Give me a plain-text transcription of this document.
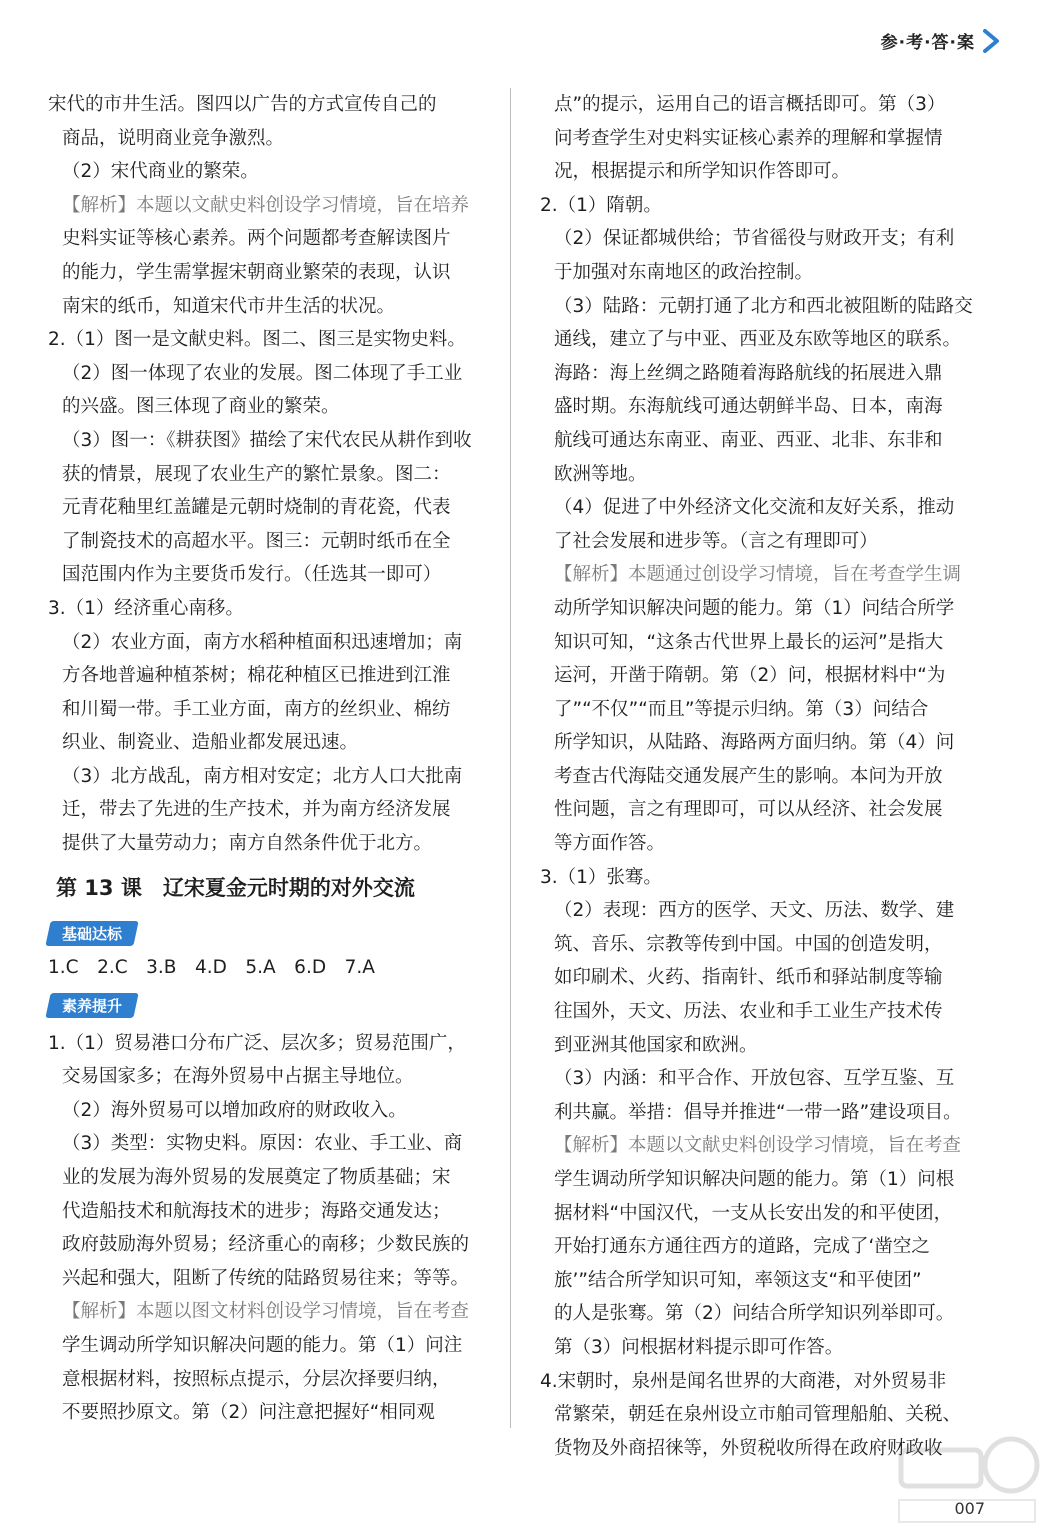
参·考·答·案
宋代的市井生活。图四以广告的方式宣传自己的
商品，说明商业竞争激烈。
（2）宋代商业的繁荣。
【解析】本题以文献史料创设学习情境，旨在培养
史料实证等核心素养。两个问题都考查解读图片
的能力，学生需掌握宋朝商业繁荣的表现，认识
南宋的纸币，知道宋代市井生活的状况。
2.（1）图一是文献史料。图二、图三是实物史料。
（2）图一体现了农业的发展。图二体现了手工业
的兴盛。图三体现了商业的繁荣。
（3）图一：《耕获图》描绘了宋代农民从耕作到收
获的情景，展现了农业生产的繁忙景象。图二：
元青花釉里红盖罐是元朝时烧制的青花瓷，代表
了制瓷技术的高超水平。图三：元朝时纸币在全
国范围内作为主要货币发行。（任选其一即可）
3.（1）经济重心南移。
（2）农业方面，南方水稻种植面积迅速增加；南
方各地普遍种植茶树；棉花种植区已推进到江淮
和川蜀一带。手工业方面，南方的丝织业、棉纺
织业、制瓷业、造船业都发展迅速。
（3）北方战乱，南方相对安定；北方人口大批南
迁，带去了先进的生产技术，并为南方经济发展
提供了大量劳动力；南方自然条件优于北方。
第 13 课　辽宋夏金元时期的对外交流
基础达标
1.C　2.C　3.B　4.D　5.A　6.D　7.A
素养提升
1.（1）贸易港口分布广泛、层次多；贸易范围广，
交易国家多；在海外贸易中占据主导地位。
（2）海外贸易可以增加政府的财政收入。
（3）类型：实物史料。原因：农业、手工业、商
业的发展为海外贸易的发展奠定了物质基础；宋
代造船技术和航海技术的进步；海路交通发达；
政府鼓励海外贸易；经济重心的南移；少数民族的
兴起和强大，阻断了传统的陆路贸易往来；等等。
【解析】本题以图文材料创设学习情境，旨在考查
学生调动所学知识解决问题的能力。第（1）问注
意根据材料，按照标点提示，分层次择要归纳，
不要照抄原文。第（2）问注意把握好“相同观
点”的提示，运用自己的语言概括即可。第（3）
问考查学生对史料实证核心素养的理解和掌握情
况，根据提示和所学知识作答即可。
2.（1）隋朝。
（2）保证都城供给；节省徭役与财政开支；有利
于加强对东南地区的政治控制。
（3）陆路：元朝打通了北方和西北被阻断的陆路交
通线，建立了与中亚、西亚及东欧等地区的联系。
海路：海上丝绸之路随着海路航线的拓展进入鼎
盛时期。东海航线可通达朝鲜半岛、日本，南海
航线可通达东南亚、南亚、西亚、北非、东非和
欧洲等地。
（4）促进了中外经济文化交流和友好关系，推动
了社会发展和进步等。（言之有理即可）
【解析】本题通过创设学习情境，旨在考查学生调
动所学知识解决问题的能力。第（1）问结合所学
知识可知，“这条古代世界上最长的运河”是指大
运河，开凿于隋朝。第（2）问，根据材料中“为
了”“不仅”“而且”等提示归纳。第（3）问结合
所学知识，从陆路、海路两方面归纳。第（4）问
考查古代海陆交通发展产生的影响。本问为开放
性问题，言之有理即可，可以从经济、社会发展
等方面作答。
3.（1）张骞。
（2）表现：西方的医学、天文、历法、数学、建
筑、音乐、宗教等传到中国。中国的创造发明，
如印刷术、火药、指南针、纸币和驿站制度等输
往国外，天文、历法、农业和手工业生产技术传
到亚洲其他国家和欧洲。
（3）内涵：和平合作、开放包容、互学互鉴、互
利共赢。举措：倡导并推进“一带一路”建设项目。
【解析】本题以文献史料创设学习情境，旨在考查
学生调动所学知识解决问题的能力。第（1）问根
据材料“中国汉代，一支从长安出发的和平使团，
开始打通东方通往西方的道路，完成了‘凿空之
旅’”结合所学知识可知，率领这支“和平使团”
的人是张骞。第（2）问结合所学知识列举即可。
第（3）问根据材料提示即可作答。
4.宋朝时，泉州是闻名世界的大商港，对外贸易非
常繁荣，朝廷在泉州设立市舶司管理船舶、关税、
货物及外商招徕等，外贸税收所得在政府财政收
007
